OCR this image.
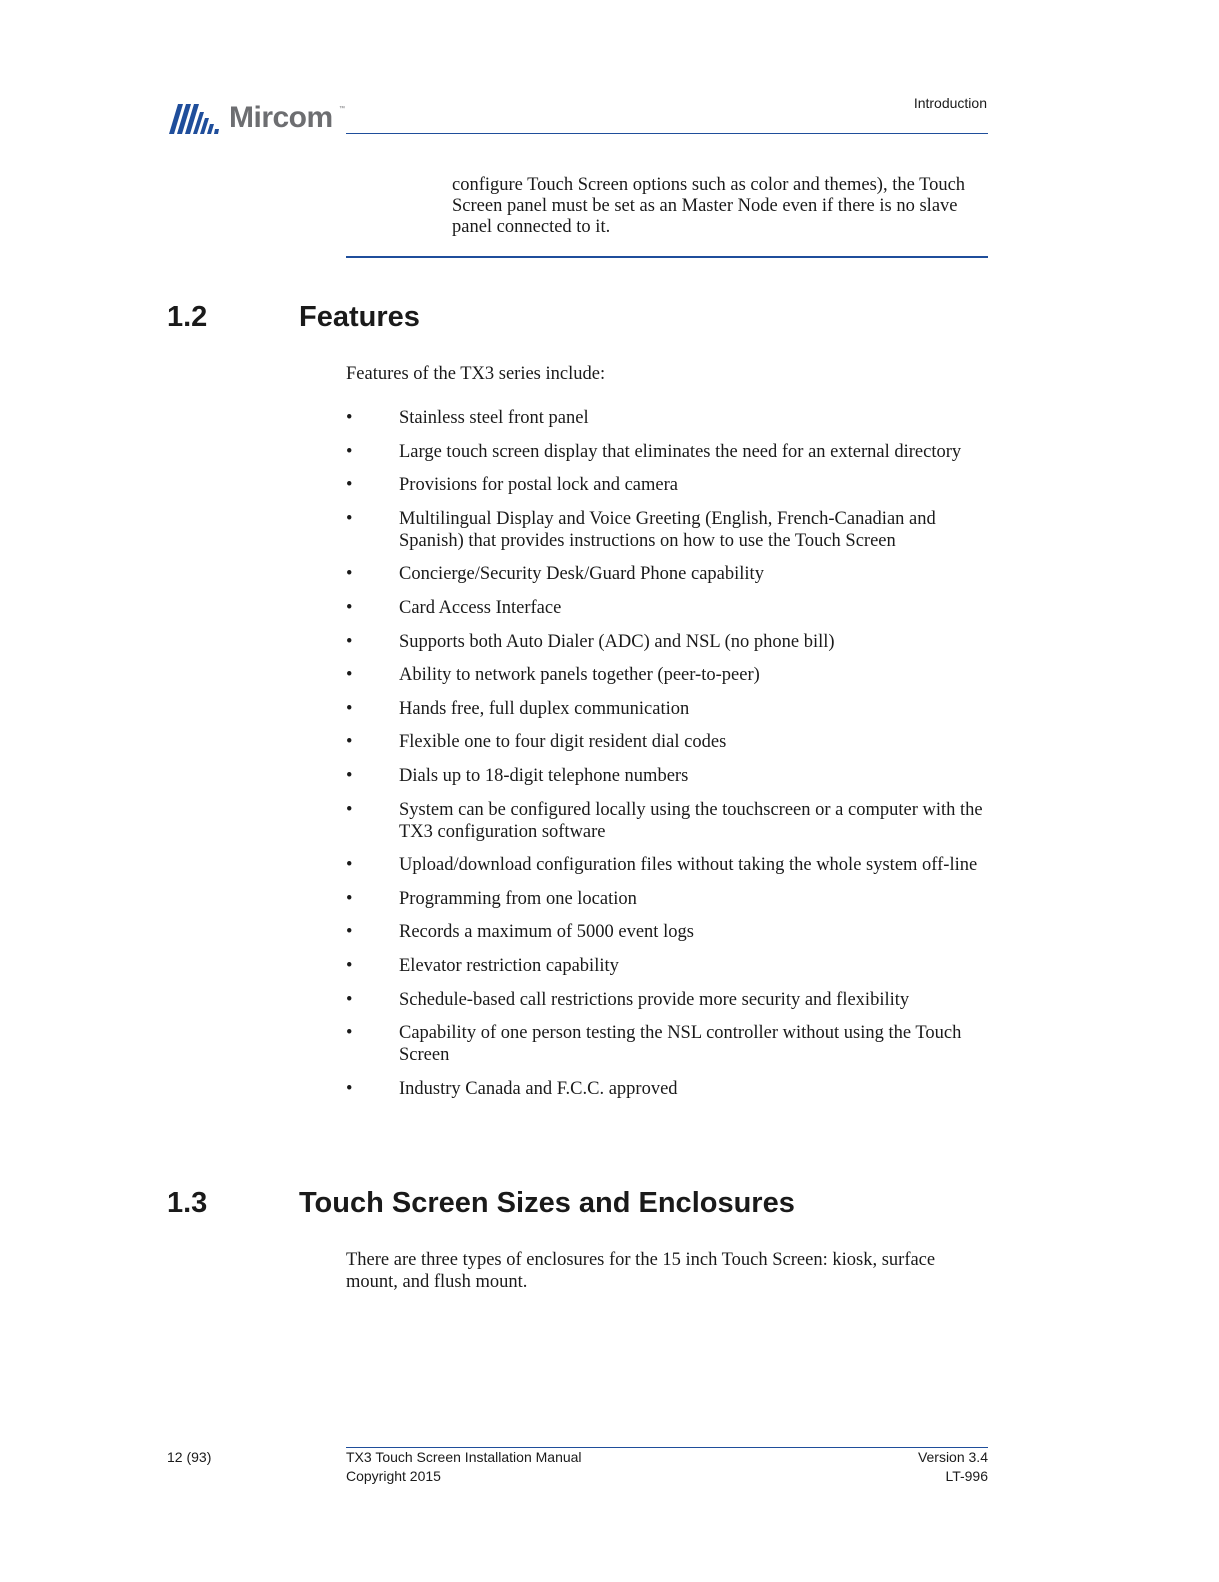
Mircom ™	Introduction
configure Touch Screen options such as color and themes), the Touch Screen panel must be set as an Master Node even if there is no slave panel connected to it.
1.2	Features
Features of the TX3 series include:
•	Stainless steel front panel
•	Large touch screen display that eliminates the need for an external directory
•	Provisions for postal lock and camera
•	Multilingual Display and Voice Greeting (English, French-Canadian and Spanish) that provides instructions on how to use the Touch Screen
•	Concierge/Security Desk/Guard Phone capability
•	Card Access Interface
•	Supports both Auto Dialer (ADC) and NSL (no phone bill)
•	Ability to network panels together (peer-to-peer)
•	Hands free, full duplex communication
•	Flexible one to four digit resident dial codes
•	Dials up to 18-digit telephone numbers
•	System can be configured locally using the touchscreen or a computer with the TX3 configuration software
•	Upload/download configuration files without taking the whole system off-line
•	Programming from one location
•	Records a maximum of 5000 event logs
•	Elevator restriction capability
•	Schedule-based call restrictions provide more security and flexibility
•	Capability of one person testing the NSL controller without using the Touch Screen
•	Industry Canada and F.C.C. approved
1.3	Touch Screen Sizes and Enclosures
There are three types of enclosures for the 15 inch Touch Screen: kiosk, surface mount, and flush mount.
12 (93)	TX3 Touch Screen Installation Manual
Copyright 2015
Version 3.4
LT-996
